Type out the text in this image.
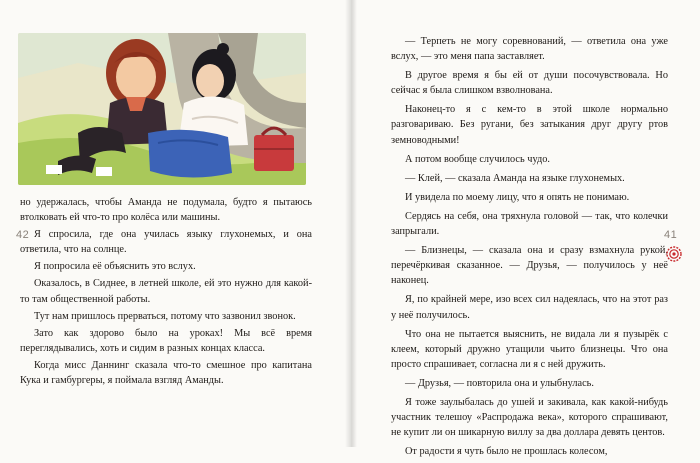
42

но удержалась, чтобы Аманда не подумала, будто я пытаюсь втолковать ей что-то про колёса или машины.

Я спросила, где она училась языку глухонемых, и она ответила, что на солнце.

Я попросила её объяснить это вслух.

Оказалось, в Сиднее, в летней школе, ей это нужно для какой-то там общественной работы.

Тут нам пришлось прерваться, потому что зазвонил звонок.

Зато как здорово было на уроках! Мы всё время переглядывались, хоть и сидим в разных концах класса.

Когда мисс Даннинг сказала что-то смешное про капитана Кука и гамбургеры, я поймала взгляд Аманды.

— Терпеть не могу соревнований, — ответила она уже вслух, — это меня папа заставляет.

В другое время я бы ей от души посочувствовала. Но сейчас я была слишком взволнована.

Наконец-то я с кем-то в этой школе нормально разговариваю. Без ругани, без затыкания друг другу ртов земноводными!

А потом вообще случилось чудо.

— Клей, — сказала Аманда на языке глухонемых.

И увидела по моему лицу, что я опять не понимаю.

Сердясь на себя, она тряхнула головой — так, что колечки запрыгали.

— Близнецы, — сказала она и сразу взмахнула рукой, перечёркивая сказанное. — Друзья, — получилось у неё наконец.

Я, по крайней мере, изо всех сил надеялась, что на этот раз у неё получилось.

Что она не пытается выяснить, не видала ли я пузырёк с клеем, который дружно утащили чьито близнецы. Что она просто спрашивает, согласна ли я с ней дружить.

— Друзья, — повторила она и улыбнулась.

Я тоже заулыбалась до ушей и закивала, как какой-нибудь участник телешоу «Распродажа века», которого спрашивают, не купит ли он шикарную виллу за два доллара девять центов.

От радости я чуть было не прошлась колесом,

41
